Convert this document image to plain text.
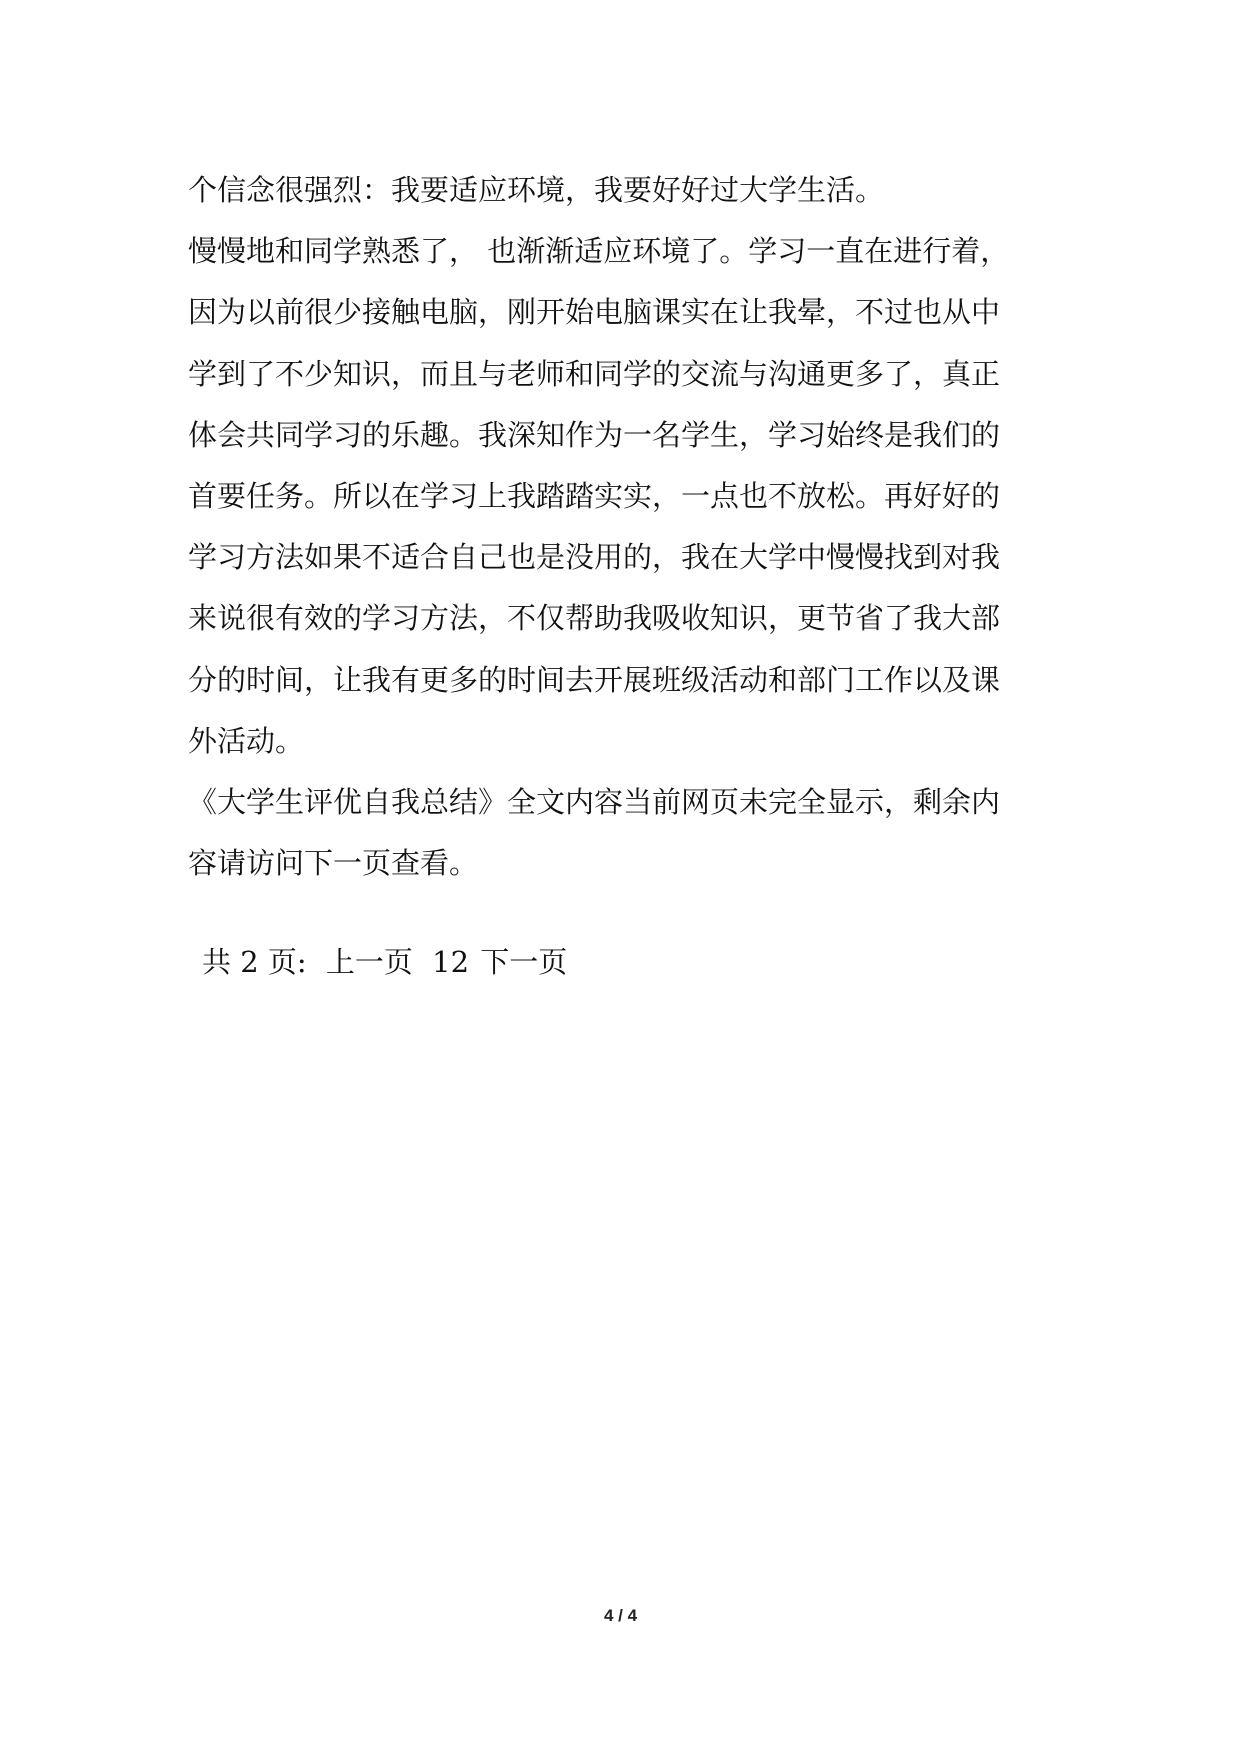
个信念很强烈：我要适应环境，我要好好过大学生活。
慢慢地和同学熟悉了， 也渐渐适应环境了。学习一直在进行着，
因为以前很少接触电脑，刚开始电脑课实在让我晕，不过也从中
学到了不少知识，而且与老师和同学的交流与沟通更多了，真正
体会共同学习的乐趣。我深知作为一名学生，学习始终是我们的
首要任务。所以在学习上我踏踏实实，一点也不放松。再好好的
学习方法如果不适合自己也是没用的，我在大学中慢慢找到对我
来说很有效的学习方法，不仅帮助我吸收知识，更节省了我大部
分的时间，让我有更多的时间去开展班级活动和部门工作以及课
外活动。
《大学生评优自我总结》全文内容当前网页未完全显示，剩余内
容请访问下一页查看。
共 2 页: 上一页 12 下一页
4 / 4
